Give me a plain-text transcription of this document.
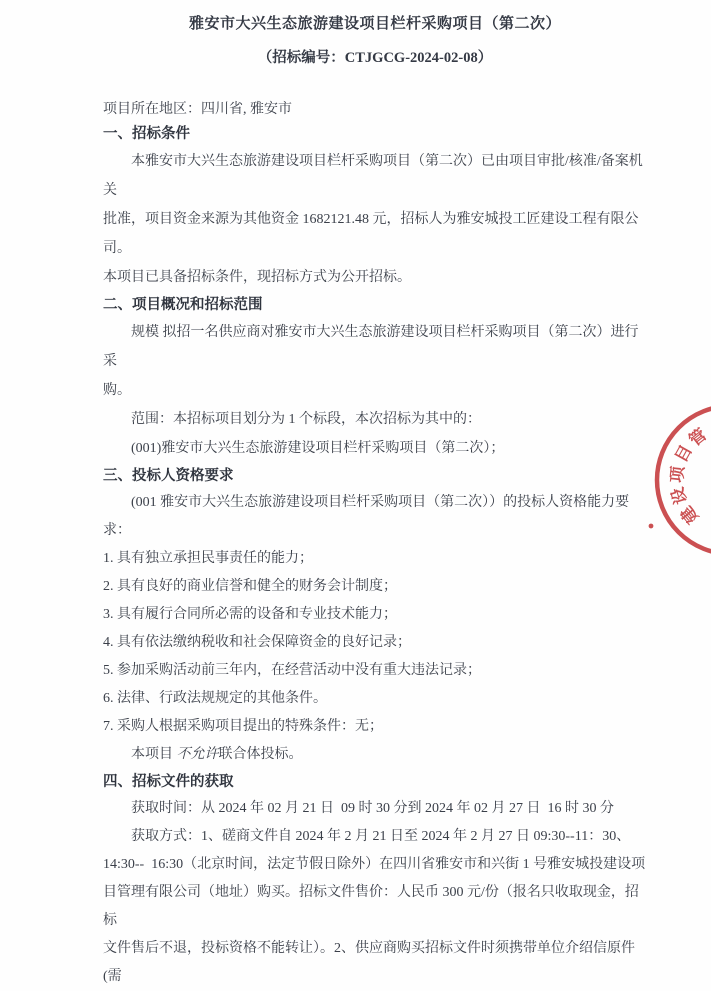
雅安市大兴生态旅游建设项目栏杆采购项目（第二次）
（招标编号：CTJGCG-2024-02-08）
项目所在地区：四川省, 雅安市
一、招标条件

本雅安市大兴生态旅游建设项目栏杆采购项目（第二次）已由项目审批/核准/备案机关

批准，项目资金来源为其他资金 1682121.48 元，招标人为雅安城投工匠建设工程有限公司。

本项目已具备招标条件，现招标方式为公开招标。

二、项目概况和招标范围

规模 拟招一名供应商对雅安市大兴生态旅游建设项目栏杆采购项目（第二次）进行采

购。

范围：本招标项目划分为 1 个标段，本次招标为其中的：

(001)雅安市大兴生态旅游建设项目栏杆采购项目（第二次）；

三、投标人资格要求

(001 雅安市大兴生态旅游建设项目栏杆采购项目（第二次））的投标人资格能力要求：

1. 具有独立承担民事责任的能力；

2. 具有良好的商业信誉和健全的财务会计制度；

3. 具有履行合同所必需的设备和专业技术能力；

4. 具有依法缴纳税收和社会保障资金的良好记录；

5. 参加采购活动前三年内，在经营活动中没有重大违法记录；

6. 法律、行政法规规定的其他条件。

7. 采购人根据采购项目提出的特殊条件：无；

本项目 不允许联合体投标。

四、招标文件的获取

获取时间：从 2024 年 02 月 21 日  09 时 30 分到 2024 年 02 月 27 日  16 时 30 分

获取方式：1、磋商文件自 2024 年 2 月 21 日至 2024 年 2 月 27 日 09:30--11：30、

14:30--  16:30（北京时间，法定节假日除外）在四川省雅安市和兴街 1 号雅安城投建设项

目管理有限公司（地址）购买。招标文件售价：人民币 300 元/份（报名只收取现金，招标

文件售后不退，投标资格不能转让）。2、供应商购买招标文件时须携带单位介绍信原件(需

建
设
项
目
管
